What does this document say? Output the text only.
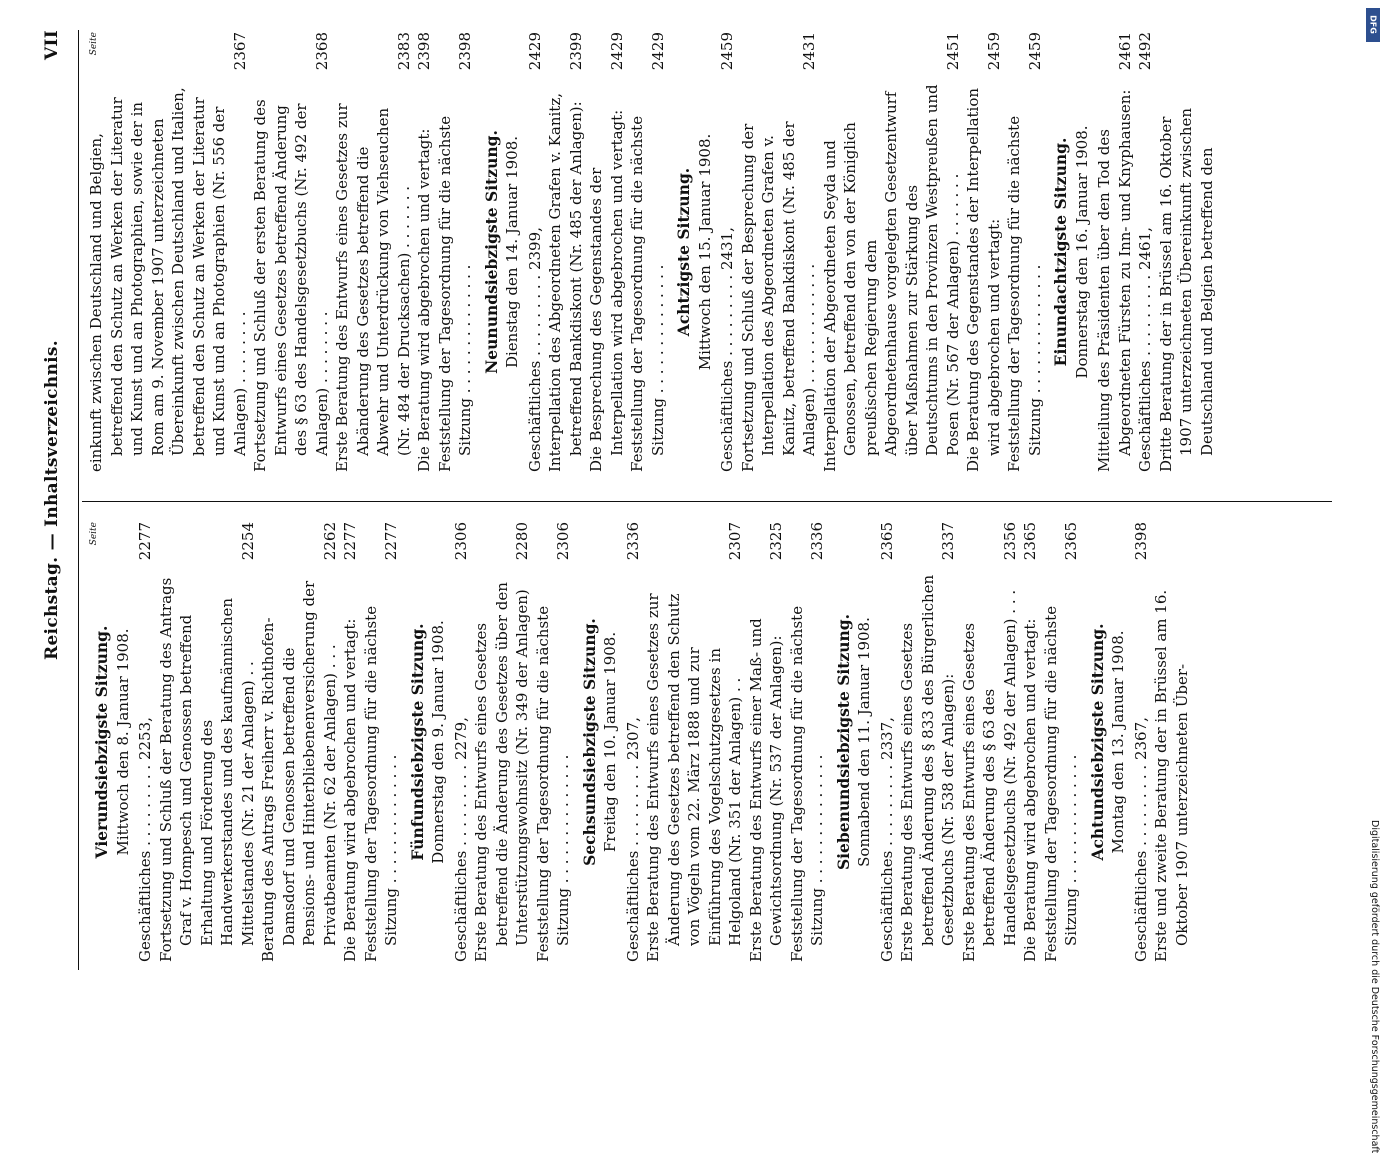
Reichstag. — Inhaltsverzeichnis.
VII
Seite
Vierundsiebzigste Sitzung. Mittwoch den 8. Januar 1908. Geschäftliches . . . . . . . . . 2253,
2277
Fortsetzung und Schluß der Beratung des Antrags Graf v. Hompesch und Genossen betreffend Erhaltung und Förderung des Handwerkerstandes und des kaufmännischen Mittelstandes (Nr. 21 der Anlagen) . .
2254
Beratung des Antrags Freiherr v. Richthofen-Damsdorf und Genossen betreffend die Pensions- und Hinterbliebenenversicherung der Privatbeamten (Nr. 62 der Anlagen) . . .
2262
Die Beratung wird abgebrochen und vertagt:
2277
Feststellung der Tagesordnung für die nächste Sitzung . . . . . . . . . . . . . .
2277
Fünfundsiebzigste Sitzung. Donnerstag den 9. Januar 1908. Geschäftliches . . . . . . . . . 2279,
2306
Erste Beratung des Entwurfs eines Gesetzes betreffend die Änderung des Gesetzes über den Unterstützungswohnsitz (Nr. 349 der Anlagen)
2280
Feststellung der Tagesordnung für die nächste Sitzung . . . . . . . . . . . . . .
2306
Sechsundsiebzigste Sitzung. Freitag den 10. Januar 1908. Geschäftliches . . . . . . . . . 2307,
2336
Erste Beratung des Entwurfs eines Gesetzes zur Änderung des Gesetzes betreffend den Schutz von Vögeln vom 22. März 1888 und zur Einführung des Vogelschutzgesetzes in Helgoland (Nr. 351 der Anlagen) . .
2307
Erste Beratung des Entwurfs einer Maß- und Gewichtsordnung (Nr. 537 der Anlagen):
2325
Feststellung der Tagesordnung für die nächste Sitzung . . . . . . . . . . . . . .
2336
Siebenundsiebzigste Sitzung. Sonnabend den 11. Januar 1908. Geschäftliches . . . . . . . . . 2337,
2365
Erste Beratung des Entwurfs eines Gesetzes betreffend Änderung des § 833 des Bürgerlichen Gesetzbuchs (Nr. 538 der Anlagen):
2337
Erste Beratung des Entwurfs eines Gesetzes betreffend Änderung des § 63 des Handelsgesetzbuchs (Nr. 492 der Anlagen) . . .
2356
Die Beratung wird abgebrochen und vertagt:
2365
Feststellung der Tagesordnung für die nächste Sitzung . . . . . . . . . . . . . .
2365
Achtundsiebzigste Sitzung. Montag den 13. Januar 1908. Geschäftliches . . . . . . . . . 2367,
2398
Erste und zweite Beratung der in Brüssel am 16. Oktober 1907 unterzeichneten Über-
Seite
einkunft zwischen Deutschland und Belgien, betreffend den Schutz an Werken der Literatur und Kunst und an Photographien, sowie der in Rom am 9. November 1907 unterzeichneten Übereinkunft zwischen Deutschland und Italien, betreffend den Schutz an Werken der Literatur und Kunst und an Photographien (Nr. 556 der Anlagen) . . . . . . . .
2367
Fortsetzung und Schluß der ersten Beratung des Entwurfs eines Gesetzes betreffend Änderung des § 63 des Handelsgesetzbuchs (Nr. 492 der Anlagen) . . . . . . . .
2368
Erste Beratung des Entwurfs eines Gesetzes zur Abänderung des Gesetzes betreffend die Abwehr und Unterdrückung von Viehseuchen (Nr. 484 der Drucksachen) . . . . . . .
2383
Die Beratung wird abgebrochen und vertagt:
2398
Feststellung der Tagesordnung für die nächste Sitzung . . . . . . . . . . . . . .
2398
Neunundsiebzigste Sitzung. Dienstag den 14. Januar 1908. Geschäftliches . . . . . . . . . 2399,
2429
Interpellation des Abgeordneten Grafen v. Kanitz, betreffend Bankdiskont (Nr. 485 der Anlagen):
2399
Die Besprechung des Gegenstandes der Interpellation wird abgebrochen und vertagt:
2429
Feststellung der Tagesordnung für die nächste Sitzung . . . . . . . . . . . . . .
2429
Achtzigste Sitzung. Mittwoch den 15. Januar 1908. Geschäftliches . . . . . . . . . 2431,
2459
Fortsetzung und Schluß der Besprechung der Interpellation des Abgeordneten Grafen v. Kanitz, betreffend Bankdiskont (Nr. 485 der Anlagen) . . . . . . . . . . . . .
2431
Interpellation der Abgeordneten Seyda und Genossen, betreffend den von der Königlich preußischen Regierung dem Abgeordnetenhause vorgelegten Gesetzentwurf über Maßnahmen zur Stärkung des Deutschtums in den Provinzen Westpreußen und Posen (Nr. 567 der Anlagen) . . . . . . .
2451
Die Beratung des Gegenstandes der Interpellation wird abgebrochen und vertagt:
2459
Feststellung der Tagesordnung für die nächste Sitzung . . . . . . . . . . . . . .
2459
Einundachtzigste Sitzung. Donnerstag den 16. Januar 1908. Mitteilung des Präsidenten über den Tod des Abgeordneten Fürsten zu Inn- und Knyphausen:
2461
Geschäftliches . . . . . . . . . 2461,
2492
Dritte Beratung der in Brüssel am 16. Oktober 1907 unterzeichneten Übereinkunft zwischen Deutschland und Belgien betreffend den
DFG
Digitalisierung gefördert durch die Deutsche Forschungsgemeinschaft
